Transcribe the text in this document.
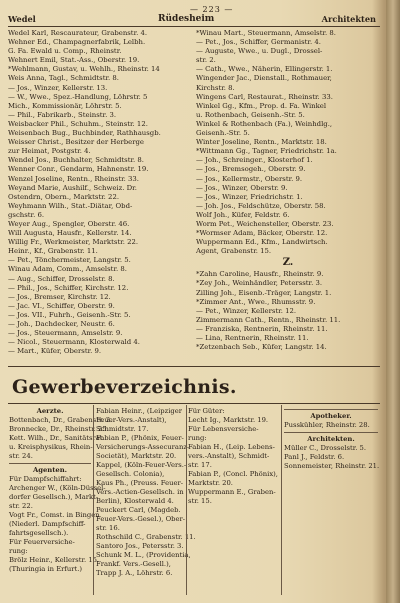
— 223 —
Wedel	Rüdesheim	Architekten
Wedel Karl, Rescaurateur, Grabenstr. 4.
Wehner Ed., Champagnerfabrik, Lelbh.
G. Fa. Ewald u. Comp., Rheinstr.
Wehnert Emil, Stat.-Ass., Oberstr. 19.
*Wehlmann, Gustav, u. Wehlh., Rheinstr. 14
Weis Anna, Tagl., Schmidtstr. 8.
— Jos., Winzer, Kellerstr. 13.
— W., Wwe., Spez.-Handlung, Löhrstr. 5
Mich., Kommissionär, Löhrstr. 5.
— Phil., Fabrikarb., Steinstr. 3.
Weisbacker Phil., Schuhm., Steinstr. 12.
Weisenbach Bug., Buchbinder, Rathhausgb.
Weisser Christ., Besitzer der Herberge
zur Heimat, Postgstr. 4.
Wendel Jos., Buchhalter, Schmidtstr. 8.
Wenner Conr., Gendarm, Hahnenstr. 19.
Wenzel Joseline, Rentn., Rheinstr. 33.
Weyand Marie, Aushilf., Schweiz. Dr.
Ostendrn, Obern., Marktstr. 22.
Weyhmann Wilh., Stat.-Diätar, Obd-
gschstr. 6.
Weyer Aug., Spengler, Oberstr. 46.
Will Augusta, Hausfr., Kellerstr. 14.
Willig Fr., Werkmeister, Marktstr. 22.
Heinr., Kf., Grabenstr. 11.
— Pet., Tönchermeister, Langstr. 5.
Winau Adam, Comm., Amselstr. 8.
— Aug., Schiffer, Drosselstr. 8.
— Phil., Jos., Schiffer, Kirchstr. 12.
— Jos., Bremser, Kirchstr. 12.
— Jac. VI., Schiffer, Oberstr. 9.
— Jos. VII., Fuhrh., Geisenh.-Str. 5.
— Joh., Dachdecker, Neustr. 6.
— Jos., Steuermann, Amselstr. 9.
— Nicol., Steuermann, Klosterwald 4.
— Mart., Küfer, Oberstr. 9.
*Winau Mart., Steuermann, Amselstr. 8.
— Pet., Jos., Schiffer, Germanistr. 4.
— Auguste, Wwe., u. Dugl., Drossel-
str. 2.
— Cath., Wwe., Näherin, Ellingerstr. 1.
Wingender Jac., Dienstall., Rothmauer,
Kirchstr. 8.
Wingens Carl, Restaurat., Rheinstr. 33.
Winkel Gg., Kfm., Prop. d. Fa. Winkel
u. Rothenbach, Geisenh.-Str. 5.
Winkel & Rothenbach (Fa.), Weinhdlg.,
Geisenh.-Str. 5.
Winter Joseline, Rentn., Marktstr. 18.
*Wittmann Gg., Tagner, Friedrichstr. 1a.
— Joh., Schreinger., Klosterhof 1.
— Jos., Bremsogeh., Oberstr. 9.
— Jos., Kellermstr., Oberstr. 9.
— Jos., Winzer, Oberstr. 9.
— Jos., Winzer, Friedrichstr. 1.
— Joh. Jos., Feldschütze, Oberstr. 58.
Wolf Joh., Küfer, Feldstr. 6.
Worm Pet., Weichensteller, Oberstr. 23.
*Wormser Adam, Bäcker, Oberstr. 12.
Wuppermann Ed., Kfm., Landwirtsch.
Agent, Grabenstr. 15.
Z.
*Zahn Caroline, Hausfr., Rheinstr. 9.
*Zey Joh., Weinhändler, Petersstr. 3.
Zilling Joh., Eisenb.-Träger, Langstr. 1.
*Zimmer Ant., Wwe., Rhumsstr. 9.
— Pet., Winzer, Kellerstr. 12.
Zimmermann Cath., Rentn., Rheinstr. 11.
— Franziska, Rentnerin, Rheinstr. 11.
— Lina, Rentnerin, Rheinstr. 11.
*Zetzenbach Seb., Küfer, Langstr. 14.
Gewerbeverzeichnis.
Aerzte.
Bottenbach, Dr., Grabenstr. 2.
Bronnecke, Dr., Rheinstr. 25.
Kett. Wilh., Dr., Sanitätsrat
u. Kreisphysikus, Rhein-
str. 24.
Agenten.
Für Dampfschiffahrt:
Archenger W., (Köln-Düssel-
dorfer Gesellsch.), Markt-
str. 22.
Vogt Fr., Comst. in Bingen
(Niederl. Dampfschiff-
fahrtsgesellsch.).
Für Feuerversiche-
rung:
Brölz Heinr., Kellerstr. 15.
(Thuringia in Erfurt.)
Fabian Heinr., (Leipziger
Feuer-Vers.-Anstalt),
Schmidtstr. 17.
Fabian P., (Phönix, Feuer-
Versicherungs-Assecuranz-
Societät), Marktstr. 20.
Kappel, (Köln-Feuer-Vers.-
Gesellsch. Colonia),
Kaus Ph., (Preuss. Feuer-
Vers.-Actien-Gesellsch. in
Berlin), Klosterwald 4.
Peuckert Carl, (Magdeb.
Feuer-Vers.-Gesel.), Ober-
str. 16.
Rothschild C., Grabenstr. 11.
Santoro Jos., Petersstr. 3.
Schunk M. L., (Providentia,
Frankf. Vers.-Gesell.),
Trapp J. A., Löhrstr. 6.
Für Güter:
Lecht Ig., Marktstr. 19.
Für Lebensversiche-
rung:
Fabian H., (Leip. Lebens-
vers.-Anstalt), Schmidt-
str. 17.
Fabian P., (Concl. Phönix),
Marktstr. 20.
Wuppermann E., Graben-
str. 15.
Apotheker.
Pusskühler, Rheinstr. 28.
Architekten.
Müller C., Drosselstr. 5.
Panl J., Feldstr. 6.
Sonnemeister, Rheinstr. 21.
